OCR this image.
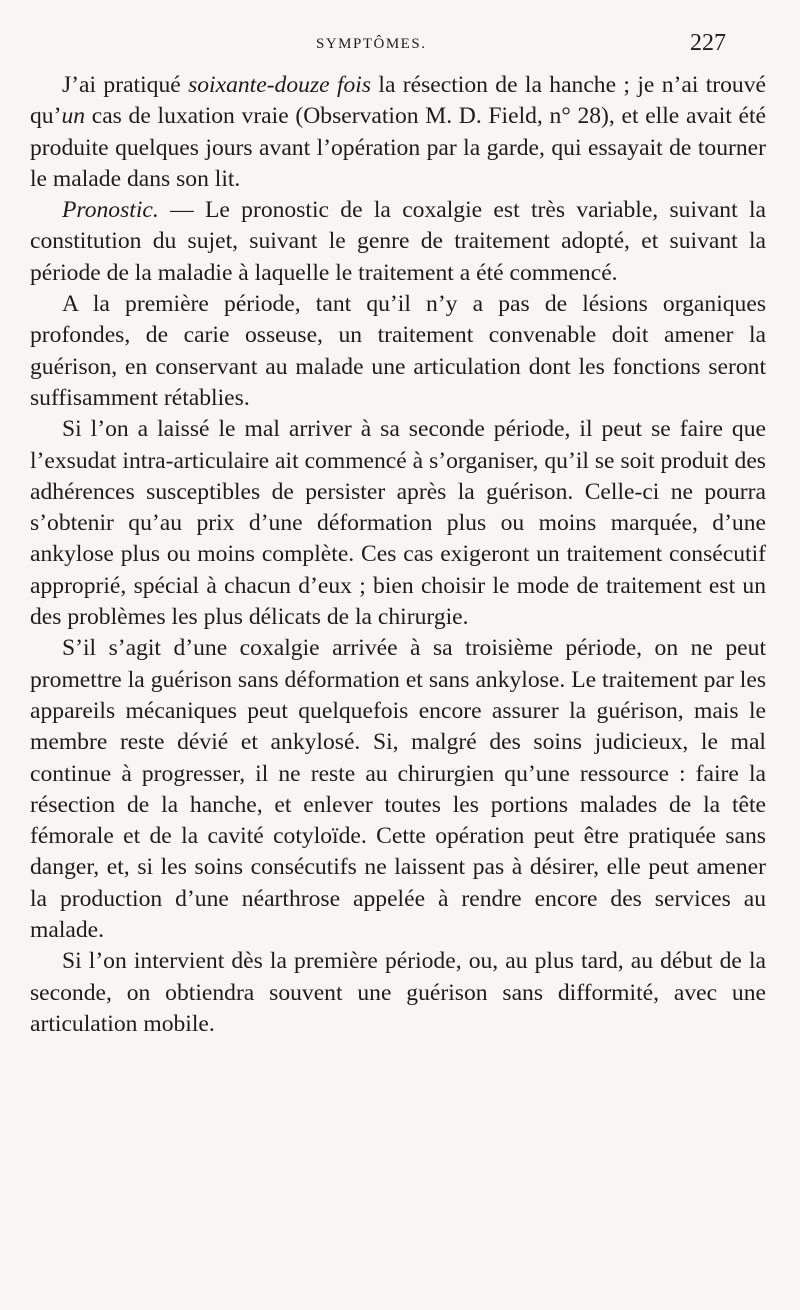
SYMPTÔMES.	227

J’ai pratiqué soixante-douze fois la résection de la hanche ; je n’ai trouvé qu’un cas de luxation vraie (Observation M. D. Field, n° 28), et elle avait été produite quelques jours avant l’opération par la garde, qui essayait de tourner le malade dans son lit.

Pronostic. — Le pronostic de la coxalgie est très variable, suivant la constitution du sujet, suivant le genre de traitement adopté, et suivant la période de la maladie à laquelle le traitement a été commencé.

A la première période, tant qu’il n’y a pas de lésions organiques profondes, de carie osseuse, un traitement convenable doit amener la guérison, en conservant au malade une articulation dont les fonctions seront suffisamment rétablies.

Si l’on a laissé le mal arriver à sa seconde période, il peut se faire que l’exsudat intra-articulaire ait commencé à s’organiser, qu’il se soit produit des adhérences susceptibles de persister après la guérison. Celle-ci ne pourra s’obtenir qu’au prix d’une déformation plus ou moins marquée, d’une ankylose plus ou moins complète. Ces cas exigeront un traitement consécutif approprié, spécial à chacun d’eux ; bien choisir le mode de traitement est un des problèmes les plus délicats de la chirurgie.

S’il s’agit d’une coxalgie arrivée à sa troisième période, on ne peut promettre la guérison sans déformation et sans ankylose. Le traitement par les appareils mécaniques peut quelquefois encore assurer la guérison, mais le membre reste dévié et ankylosé. Si, malgré des soins judicieux, le mal continue à progresser, il ne reste au chirurgien qu’une ressource : faire la résection de la hanche, et enlever toutes les portions malades de la tête fémorale et de la cavité cotyloïde. Cette opération peut être pratiquée sans danger, et, si les soins consécutifs ne laissent pas à désirer, elle peut amener la production d’une néarthrose appelée à rendre encore des services au malade.

Si l’on intervient dès la première période, ou, au plus tard, au début de la seconde, on obtiendra souvent une guérison sans difformité, avec une articulation mobile.
